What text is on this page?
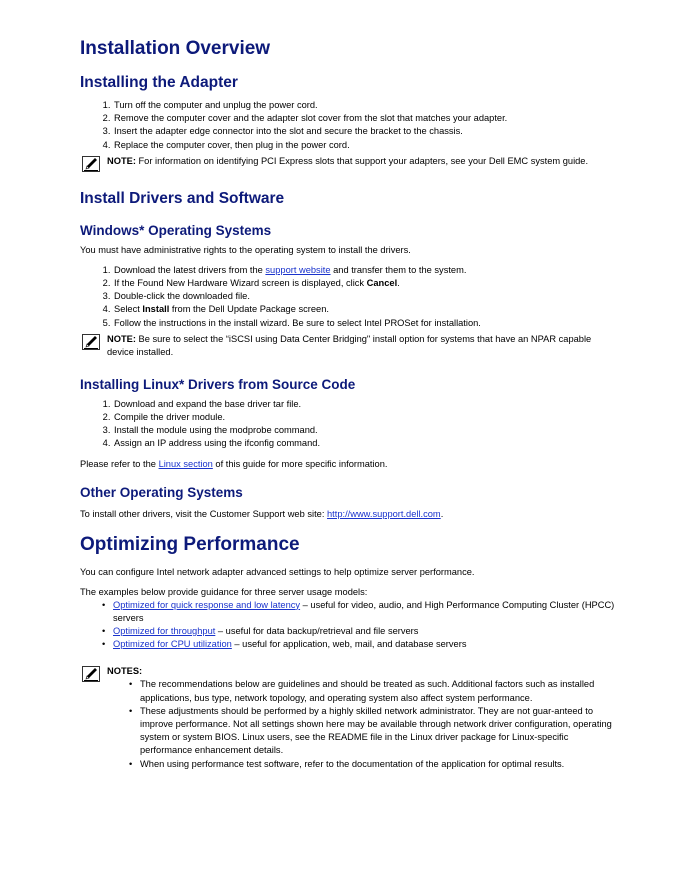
Installation Overview
Installing the Adapter
1. Turn off the computer and unplug the power cord.
2. Remove the computer cover and the adapter slot cover from the slot that matches your adapter.
3. Insert the adapter edge connector into the slot and secure the bracket to the chassis.
4. Replace the computer cover, then plug in the power cord.
NOTE: For information on identifying PCI Express slots that support your adapters, see your Dell EMC system guide.
Install Drivers and Software
Windows* Operating Systems
You must have administrative rights to the operating system to install the drivers.
1. Download the latest drivers from the support website and transfer them to the system.
2. If the Found New Hardware Wizard screen is displayed, click Cancel.
3. Double-click the downloaded file.
4. Select Install from the Dell Update Package screen.
5. Follow the instructions in the install wizard. Be sure to select Intel PROSet for installation.
NOTE: Be sure to select the “iSCSI using Data Center Bridging" install option for systems that have an NPAR capable device installed.
Installing Linux* Drivers from Source Code
1. Download and expand the base driver tar file.
2. Compile the driver module.
3. Install the module using the modprobe command.
4. Assign an IP address using the ifconfig command.
Please refer to the Linux section of this guide for more specific information.
Other Operating Systems
To install other drivers, visit the Customer Support web site: http://www.support.dell.com.
Optimizing Performance
You can configure Intel network adapter advanced settings to help optimize server performance.
The examples below provide guidance for three server usage models:
• Optimized for quick response and low latency – useful for video, audio, and High Performance Computing Cluster (HPCC) servers
• Optimized for throughput – useful for data backup/retrieval and file servers
• Optimized for CPU utilization – useful for application, web, mail, and database servers
NOTES:
• The recommendations below are guidelines and should be treated as such. Additional factors such as installed applications, bus type, network topology, and operating system also affect system performance.
• These adjustments should be performed by a highly skilled network administrator. They are not guar-anteed to improve performance. Not all settings shown here may be available through network driver configuration, operating system or system BIOS. Linux users, see the README file in the Linux driver package for Linux-specific performance enhancement details.
• When using performance test software, refer to the documentation of the application for optimal results.
